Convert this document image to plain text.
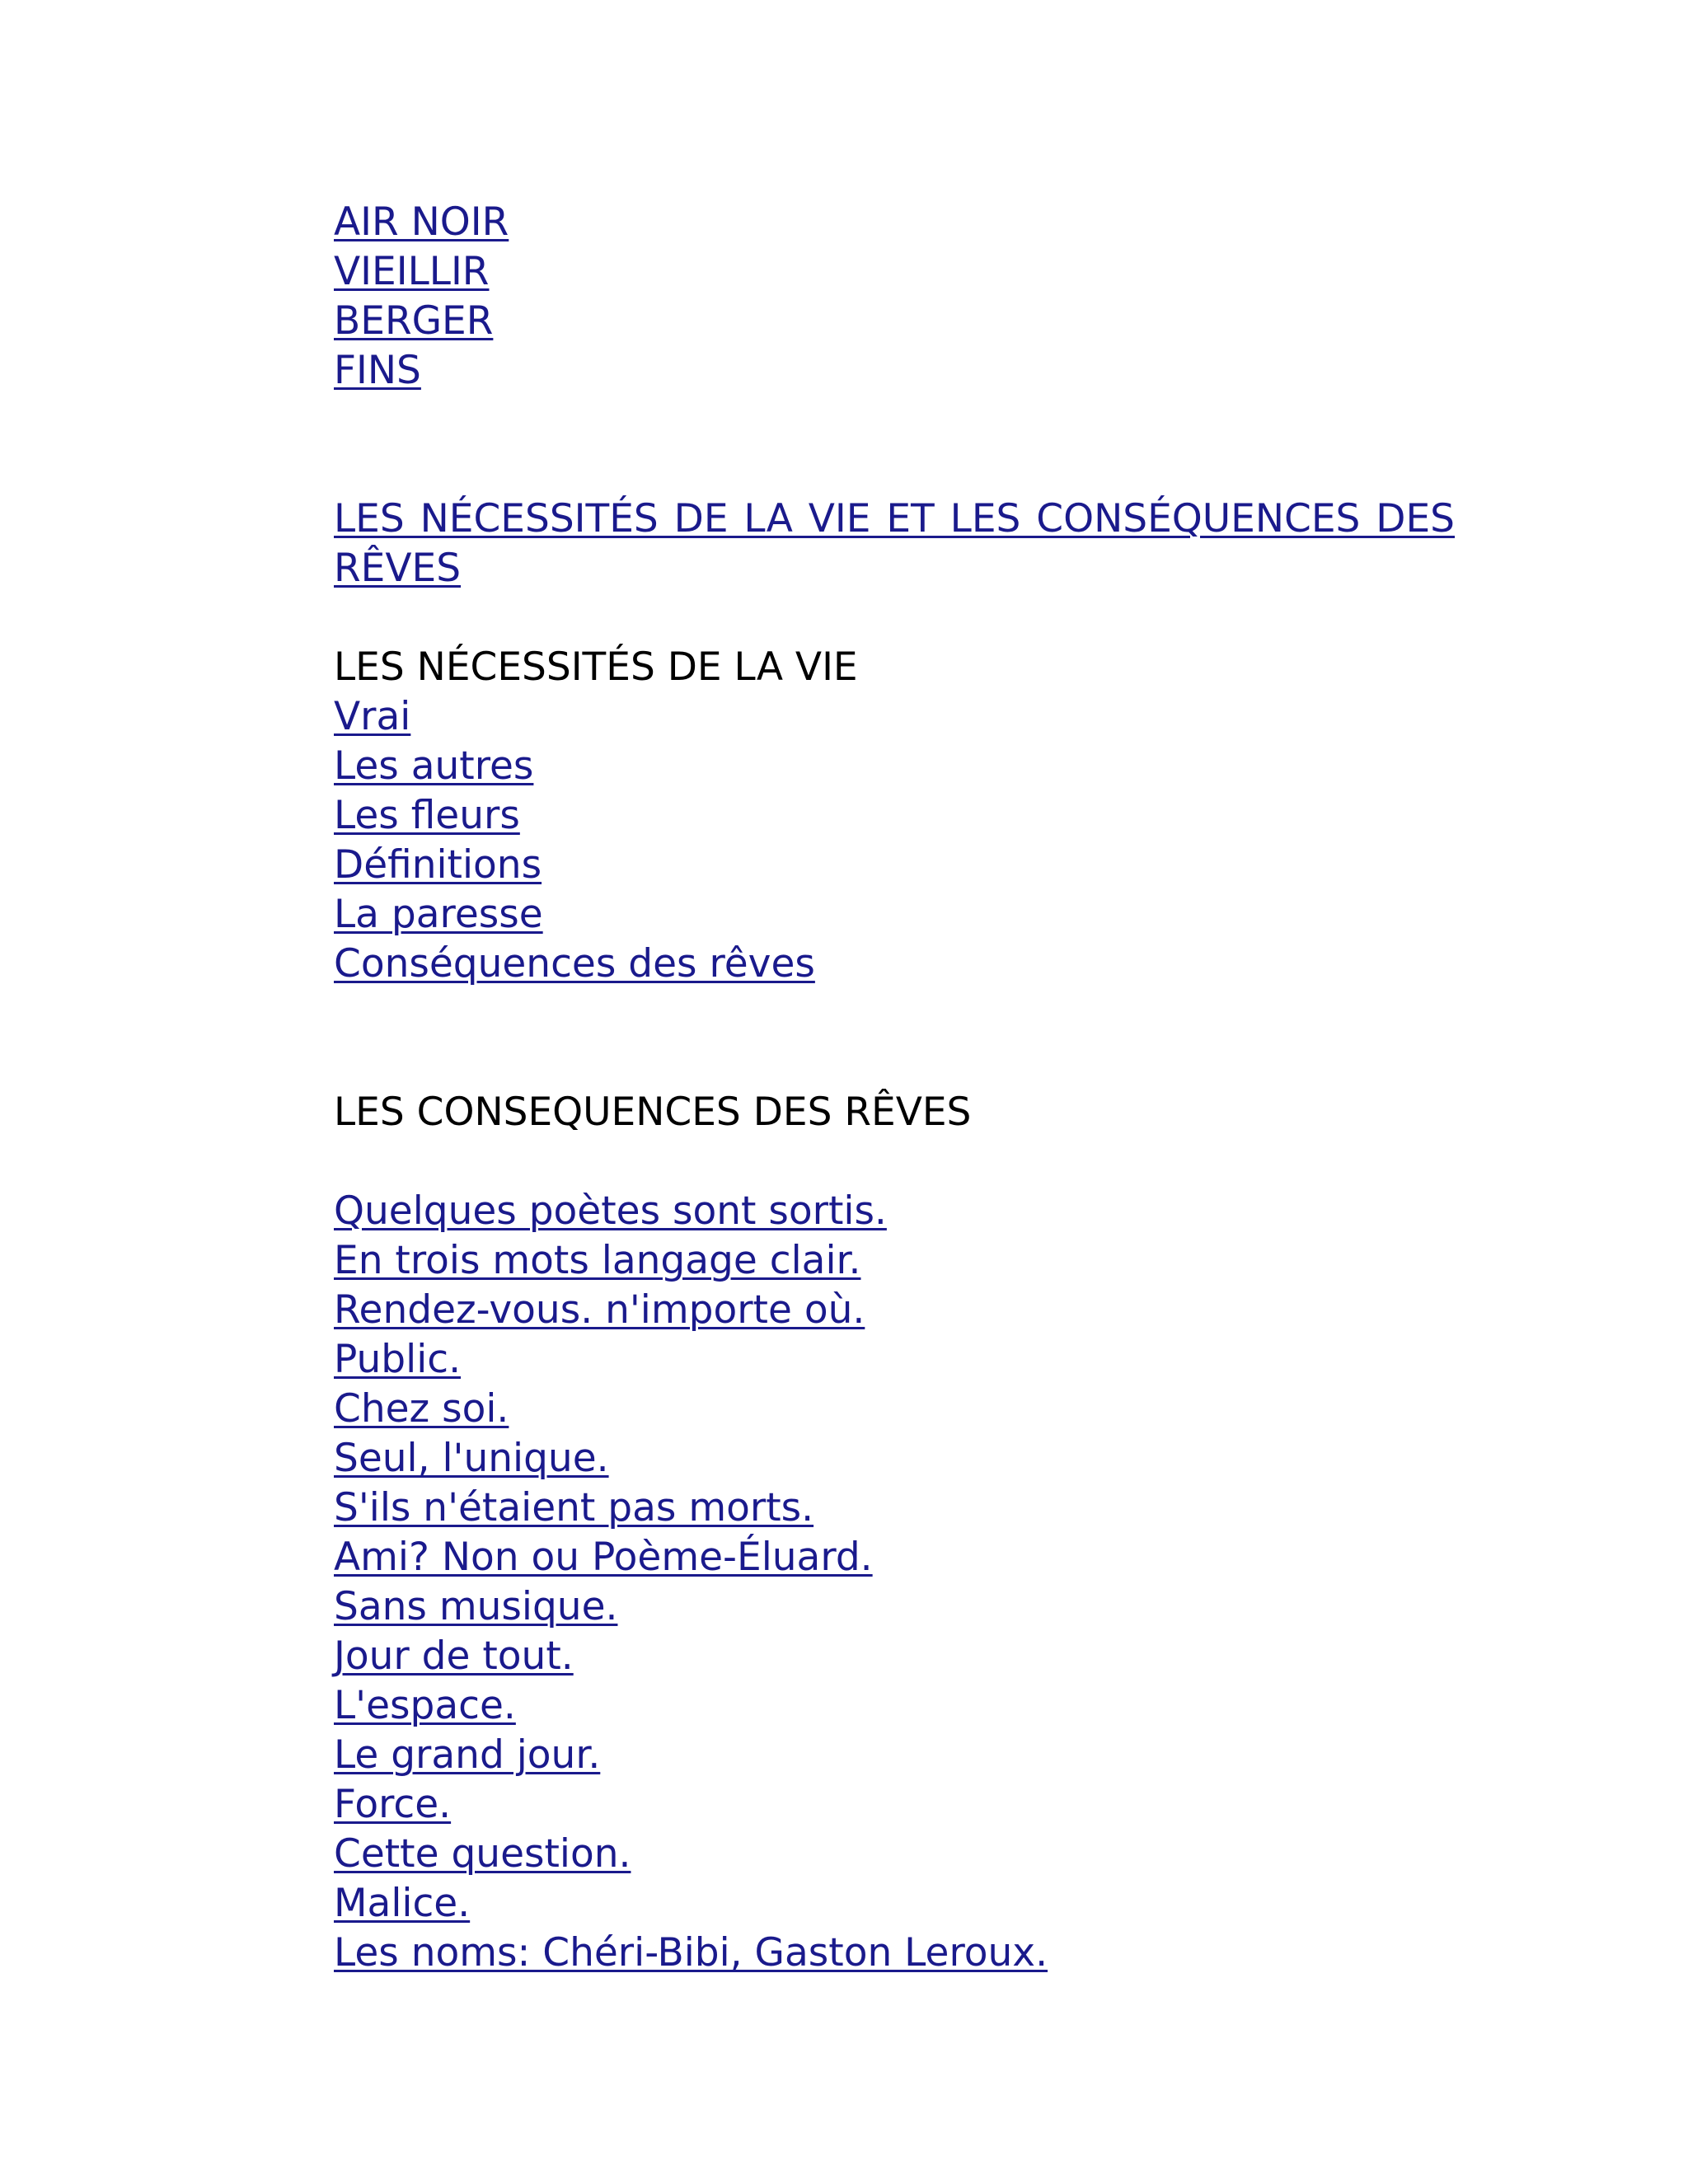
AIR NOIR
VIEILLIR
BERGER
FINS
LES NÉCESSITÉS DE LA VIE ET LES CONSÉQUENCES DES RÊVES
LES NÉCESSITÉS DE LA VIE
Vrai
Les autres
Les fleurs
Définitions
La paresse
Conséquences des rêves
LES CONSEQUENCES DES RÊVES
Quelques poètes sont sortis.
En trois mots langage clair.
Rendez-vous. n'importe où.
Public.
Chez soi.
Seul, l'unique.
S'ils n'étaient pas morts.
Ami? Non ou Poème-Éluard.
Sans musique.
Jour de tout.
L'espace.
Le grand jour.
Force.
Cette question.
Malice.
Les noms: Chéri-Bibi, Gaston Leroux.
